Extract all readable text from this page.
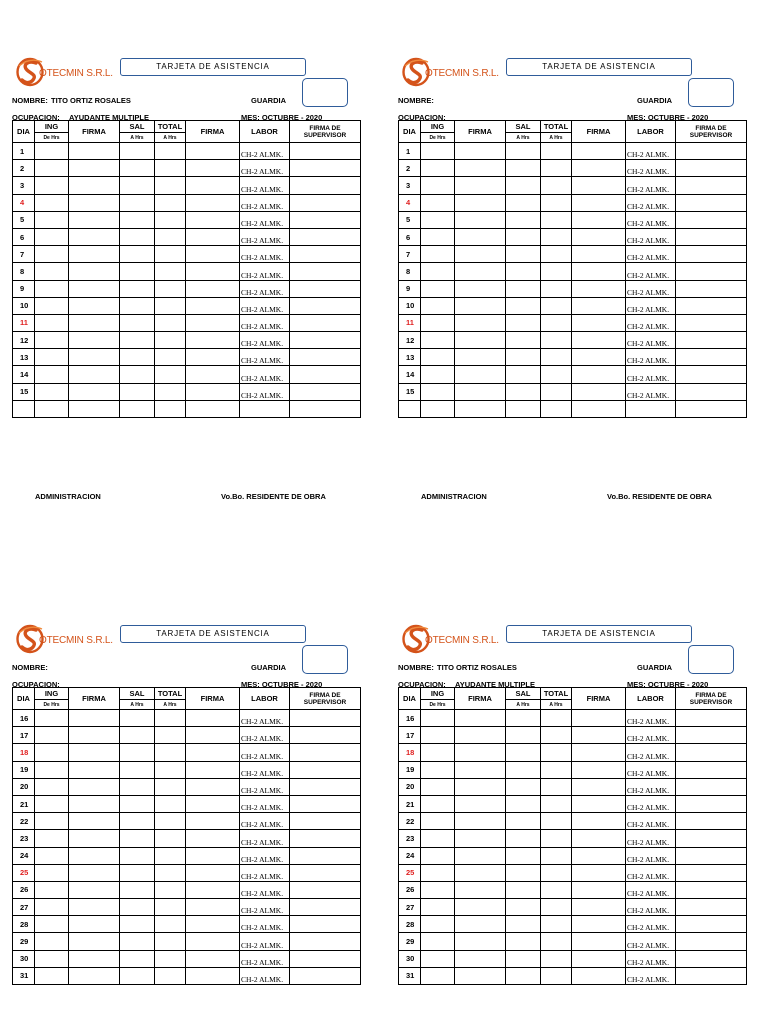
OTECMIN S.R.L.
TARJETA DE ASISTENCIA
NOMBRE: TITO ORTIZ ROSALES	GUARDIA
OCUPACION: AYUDANTE MULTIPLE	MES: OCTUBRE - 2020
DIA	ING	FIRMA	SAL	TOTAL	FIRMA	LABOR	FIRMA DE SUPERVISOR
	De Hrs		A Hrs	A Hrs			
1						CH-2 ALMK.	
2						CH-2 ALMK.	
3						CH-2 ALMK.	
4						CH-2 ALMK.	
5						CH-2 ALMK.	
6						CH-2 ALMK.	
7						CH-2 ALMK.	
8						CH-2 ALMK.	
9						CH-2 ALMK.	
10						CH-2 ALMK.	
11						CH-2 ALMK.	
12						CH-2 ALMK.	
13						CH-2 ALMK.	
14						CH-2 ALMK.	
15						CH-2 ALMK.	

ADMINISTRACION	Vo.Bo. RESIDENTE DE OBRA
OTECMIN S.R.L.
TARJETA DE ASISTENCIA
NOMBRE:	GUARDIA
OCUPACION:	MES: OCTUBRE - 2020
DIA	ING	FIRMA	SAL	TOTAL	FIRMA	LABOR	FIRMA DE SUPERVISOR
	De Hrs		A Hrs	A Hrs			
1						CH-2 ALMK.	
2						CH-2 ALMK.	
3						CH-2 ALMK.	
4						CH-2 ALMK.	
5						CH-2 ALMK.	
6						CH-2 ALMK.	
7						CH-2 ALMK.	
8						CH-2 ALMK.	
9						CH-2 ALMK.	
10						CH-2 ALMK.	
11						CH-2 ALMK.	
12						CH-2 ALMK.	
13						CH-2 ALMK.	
14						CH-2 ALMK.	
15						CH-2 ALMK.	

ADMINISTRACION	Vo.Bo. RESIDENTE DE OBRA
OTECMIN S.R.L.
TARJETA DE ASISTENCIA
NOMBRE:	GUARDIA
OCUPACION:	MES: OCTUBRE - 2020
DIA	ING	FIRMA	SAL	TOTAL	FIRMA	LABOR	FIRMA DE SUPERVISOR
	De Hrs		A Hrs	A Hrs			
16						CH-2 ALMK.	
17						CH-2 ALMK.	
18						CH-2 ALMK.	
19						CH-2 ALMK.	
20						CH-2 ALMK.	
21						CH-2 ALMK.	
22						CH-2 ALMK.	
23						CH-2 ALMK.	
24						CH-2 ALMK.	
25						CH-2 ALMK.	
26						CH-2 ALMK.	
27						CH-2 ALMK.	
28						CH-2 ALMK.	
29						CH-2 ALMK.	
30						CH-2 ALMK.	
31						CH-2 ALMK.	
OTECMIN S.R.L.
TARJETA DE ASISTENCIA
NOMBRE: TITO ORTIZ ROSALES	GUARDIA
OCUPACION: AYUDANTE MULTIPLE	MES: OCTUBRE - 2020
DIA	ING	FIRMA	SAL	TOTAL	FIRMA	LABOR	FIRMA DE SUPERVISOR
	De Hrs		A Hrs	A Hrs			
16						CH-2 ALMK.	
17						CH-2 ALMK.	
18						CH-2 ALMK.	
19						CH-2 ALMK.	
20						CH-2 ALMK.	
21						CH-2 ALMK.	
22						CH-2 ALMK.	
23						CH-2 ALMK.	
24						CH-2 ALMK.	
25						CH-2 ALMK.	
26						CH-2 ALMK.	
27						CH-2 ALMK.	
28						CH-2 ALMK.	
29						CH-2 ALMK.	
30						CH-2 ALMK.	
31						CH-2 ALMK.	
